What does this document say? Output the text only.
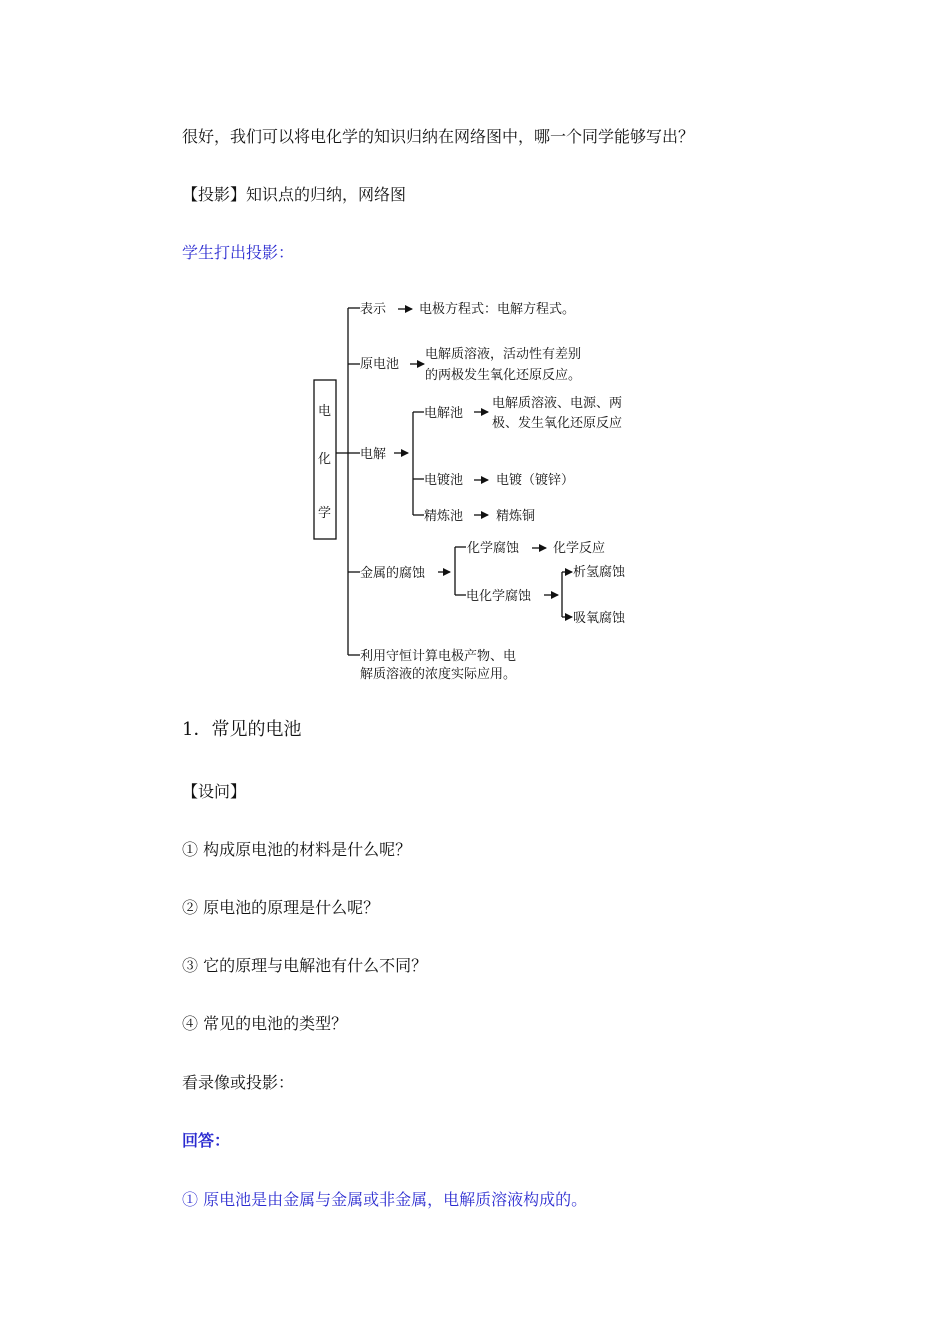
很好，我们可以将电化学的知识归纳在网络图中，哪一个同学能够写出？
【投影】知识点的归纳，网络图
学生打出投影：
电
化
学
表示	电极方程式：电解方程式。
原电池
电解质溶液，活动性有差别
的两极发生氧化还原反应。
电解
电解池
电解质溶液、电源、两
极、发生氧化还原反应
电镀池	电镀（镀锌）
精炼池	精炼铜
金属的腐蚀
化学腐蚀	化学反应
电化学腐蚀
析氢腐蚀
吸氧腐蚀
利用守恒计算电极产物、电
解质溶液的浓度实际应用。
1．常见的电池
【设问】
① 构成原电池的材料是什么呢？
② 原电池的原理是什么呢？
③ 它的原理与电解池有什么不同？
④ 常见的电池的类型？
看录像或投影：
回答：
① 原电池是由金属与金属或非金属，电解质溶液构成的。
